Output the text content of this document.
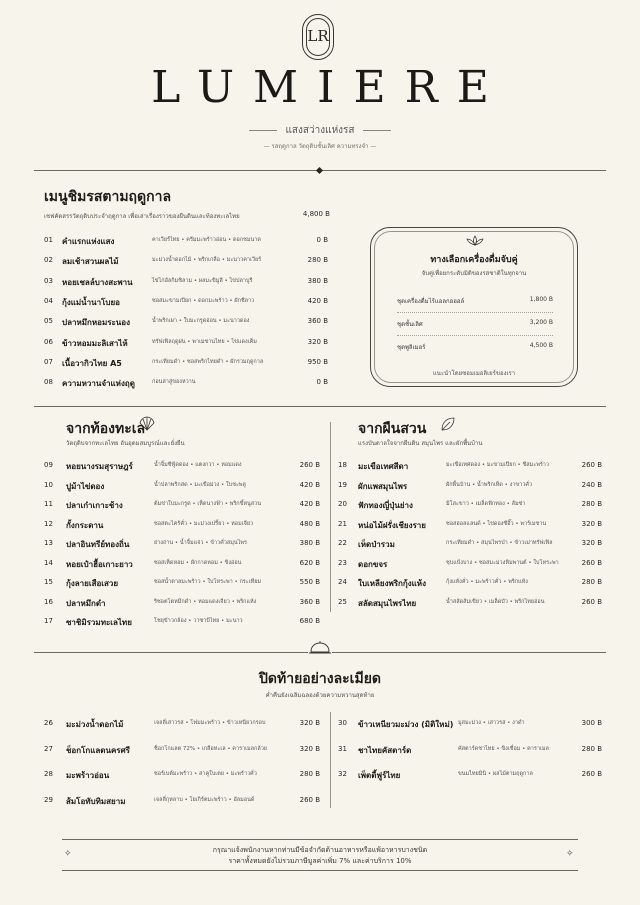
LR
LUMIERE
แสงสว่างแห่งรส
— รสฤดูกาล วัตถุดิบชั้นเลิศ ความทรงจำ —
เมนูชิมรสตามฤดูกาล
เชฟคัดสรรวัตถุดิบประจำฤดูกาล เพื่อเล่าเรื่องราวของผืนดินและท้องทะเลไทย	4,800 B
01 คำแรกแห่งแสง	คาเวียร์ไทย • ครีมมะพร้าวอ่อน • ดอกชมนาด	0 B
02 ลมเช้าสวนผลไม้	มะม่วงน้ำดอกไม้ • พริกเกลือ • มะนาวคาเวียร์	280 B
03 หอยเชลล์บางสะพาน	ไข่ไก่อัลกิมซิลาม • ผลมะขิมูลี • ไข่ปลาบูรี	380 B
04 กุ้งแม่น้ำนาโบยอ	ซอสมะขามเปียก • ดอกมะพร้าว • ผักชีลาว	420 B
05 ปลาหมึกหอมระนอง	น้ำพริกเผา • ใบมะกรูดอ่อน • มะนาวดอง	360 B
06 ข้าวหอมมะลิเสาไห้	ทรัฟเฟิลฤดูฝน • พาเมซานไทย • ไข่แดงเค็ม	320 B
07 เนื้อวากิวไทย A5	กระเทียมดำ • ซอสพริกไทยดำ • ผักรวมฤดูกาล	950 B
08 ความหวานจำแห่งฤดู	ก่อนล่าสู่ของหวาน	0 B
ทางเลือกเครื่องดื่มจับคู่
จับคู่เพื่อยกระดับมิติของรสชาติในทุกจาน
ชุดเครื่องดื่มไร้แอลกอฮอล์	1,800 B
ชุดชั้นเลิศ	3,200 B
ชุดพูลิเมอร์	4,500 B
แนะนำโดยซอมเมอลิเยร์ของเรา
จากท้องทะเล
วัตถุดิบจากทะเลไทย อันอุดมสมบูรณ์และยั่งยืน
09 หอยนางรมสุราษฎร์	น้ำจิ้มซีฟู้ดดอง • แตงกวา • หอมแดง	260 B
10 ปูม้าไข่ดอง	น้ำปลาพริกสด • มะเขือม่วง • ใบชะพลู	420 B
11 ปลาเก๋าเกาะช้าง	ต้มข่าใบมะกรูด • เห็ดนางฟ้า • พริกขี้หนูสวน	420 B
12 กั้งกระดาน	ซอสตะไคร้คั่ว • มะม่วงเปรี้ยว • หอมเจียว	480 B
13 ปลาอินทรีย์ทองถิ่น	ย่างถ่าน • น้ำจิ้มแจ่ว • ข้าวคั่วสมุนไพร	380 B
14 หอยเป๋าฮื้อเกาะยาว	ซอสเห็ดหอม • ผักกาดหอม • ขิงอ่อน	620 B
15 กุ้งลายเสือเสวย	ซอสน้ำตาลมะพร้าว • ใบโหระพา • กระเทียม	550 B
16 ปลาหมึกดำ	ริซอตโตหมึกดำ • หอมแดงเจียว • พริกแห้ง	360 B
17 ซาชิมิรวมทะเลไทย	โชยุข้าวกล้อง • วาซาบิไทย • มะนาว	680 B
จากผืนสวน
แรงบันดาลใจจากผืนดิน สมุนไพร และผักพื้นบ้าน
18 มะเขือเทศสีดา	มะเขือเทศดอง • มะขามเปียก • ชีสมะพร้าว	260 B
19 ผักแพสมุนไพร	ผักพื้นบ้าน • น้ำพริกเห็ด • งาขาวคั่ว	240 B
20 ฟักทองญี่ปุ่นย่าง	มิโสะขาว • เมล็ดฟักทอง • ส้มซ่า	280 B
21 หน่อไม้ฝรั่งเชียงราย	ซอสฮอลแลนด์ • ไข่ดองซีอิ๊ว • พาร์เมซาน	320 B
22 เห็ดป่ารวม	กระเทียมดำ • สมุนไพรป่า • ข้าวเม่าทรัฟเฟิล	320 B
23 ดอกขจร	ชุบแป้งบาง • ซอสมะม่วงหิมพานต์ • ใบโหระพา	260 B
24 ใบเหลียงพริกกุ้งแห้ง	กุ้งแห้งคั่ว • มะพร้าวคั่ว • พริกแห้ง	280 B
25 สลัดสมุนไพรไทย	น้ำสลัดส้มเขียว • เมล็ดบัว • พริกไทยอ่อน	260 B
ปิดท้ายอย่างละเมียด
ค่ำคืนยังเฉลิมฉลองด้วยความหวานสุดท้าย
26 มะม่วงน้ำดอกไม้	เจลลี่เสาวรส • โฟมมะพร้าว • ข้าวเหนียวกรอบ	320 B
27 ช็อกโกแลตนครศรี	ช็อกโกแลต 72% • เกลือทะเล • คาราเมลกล้วย	320 B
28 มะพร้าวอ่อน	ซอร์เบต์มะพร้าว • สาคูใบเตย • มะพร้าวคั่ว	280 B
29 ส้มโอทับทิมสยาม	เจลลี่กุหลาบ • โยเกิร์ตมะพร้าว • อัลมอนด์	260 B
30 ข้าวเหนียวมะม่วง (มิติใหม่) มูสมะม่วง • เสาวรส • งาดำ	300 B
31 ชาไทยคัสตาร์ด	คัสตาร์ดชาไทย • ขิงเชื่อม • คาราเมล	280 B
32 เพ็ตตี้ฟูร์ไทย	ขนมไทยมินิ • ผลไม้ตามฤดูกาล	260 B
กรุณาแจ้งพนักงานหากท่านมีข้อจำกัดด้านอาหารหรือแพ้อาหารบางชนิด
ราคาทั้งหมดยังไม่รวมภาษีมูลค่าเพิ่ม 7% และค่าบริการ 10%
✧	✧
